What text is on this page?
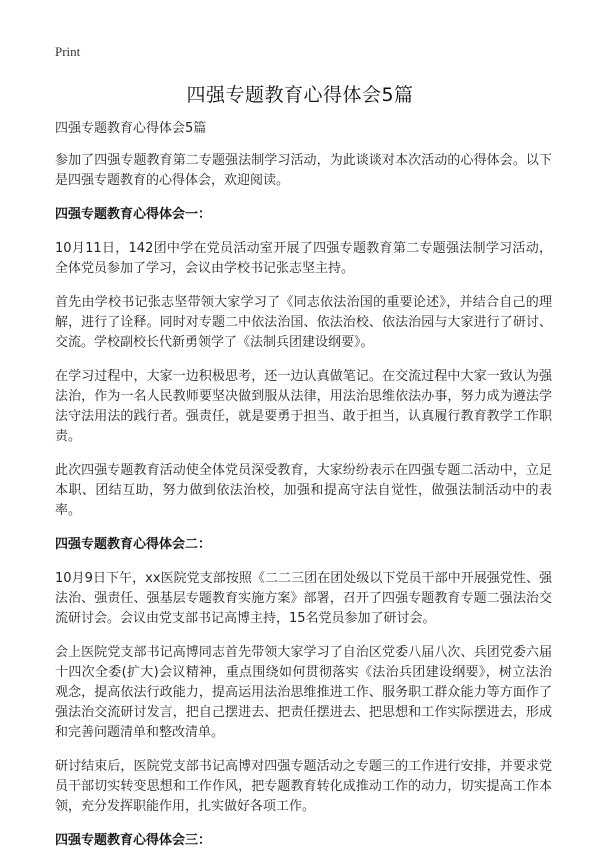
Print
四强专题教育心得体会5篇

四强专题教育心得体会5篇

参加了四强专题教育第二专题强法制学习活动，为此谈谈对本次活动的心得体会。以下是四强专题教育的心得体会，欢迎阅读。

四强专题教育心得体会一：

10月11日，142团中学在党员活动室开展了四强专题教育第二专题强法制学习活动，全体党员参加了学习，会议由学校书记张志坚主持。

首先由学校书记张志坚带领大家学习了《同志依法治国的重要论述》，并结合自己的理解，进行了诠释。同时对专题二中依法治国、依法治校、依法治园与大家进行了研讨、交流。学校副校长代新勇领学了《法制兵团建设纲要》。

在学习过程中，大家一边积极思考，还一边认真做笔记。在交流过程中大家一致认为强法治，作为一名人民教师要坚决做到服从法律，用法治思维依法办事，努力成为遵法学法守法用法的践行者。强责任，就是要勇于担当、敢于担当，认真履行教育教学工作职责。

此次四强专题教育活动使全体党员深受教育，大家纷纷表示在四强专题二活动中，立足本职、团结互助，努力做到依法治校，加强和提高守法自觉性，做强法制活动中的表率。

四强专题教育心得体会二：

10月9日下午，xx医院党支部按照《二二三团在团处级以下党员干部中开展强党性、强法治、强责任、强基层专题教育实施方案》部署，召开了四强专题教育专题二强法治交流研讨会。会议由党支部书记高博主持，15名党员参加了研讨会。

会上医院党支部书记高博同志首先带领大家学习了自治区党委八届八次、兵团党委六届十四次全委(扩大)会议精神，重点围绕如何贯彻落实《法治兵团建设纲要》，树立法治观念，提高依法行政能力，提高运用法治思维推进工作、服务职工群众能力等方面作了强法治交流研讨发言，把自己摆进去、把责任摆进去、把思想和工作实际摆进去，形成和完善问题清单和整改清单。

研讨结束后，医院党支部书记高博对四强专题活动之专题三的工作进行安排，并要求党员干部切实转变思想和工作作风，把专题教育转化成推动工作的动力，切实提高工作本领，充分发挥职能作用，扎实做好各项工作。

四强专题教育心得体会三：
